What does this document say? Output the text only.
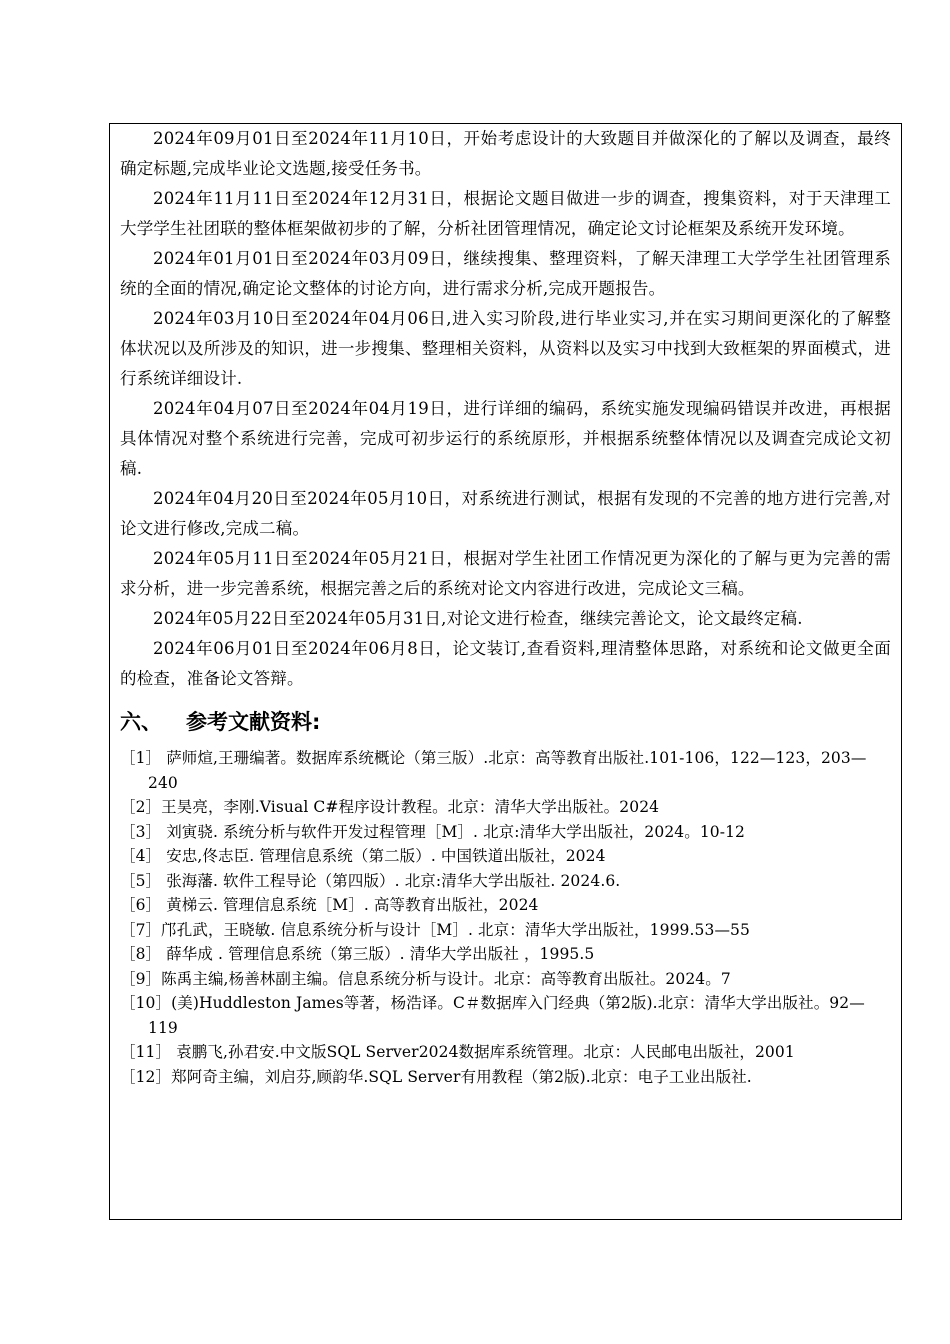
2024年09月01日至2024年11月10日，开始考虑设计的大致题目并做深化的了解以及调查，最终确定标题,完成毕业论文选题,接受任务书。

2024年11月11日至2024年12月31日，根据论文题目做进一步的调查，搜集资料，对于天津理工大学学生社团联的整体框架做初步的了解，分析社团管理情况，确定论文讨论框架及系统开发环境。

2024年01月01日至2024年03月09日，继续搜集、整理资料，了解天津理工大学学生社团管理系统的全面的情况,确定论文整体的讨论方向，进行需求分析,完成开题报告。

2024年03月10日至2024年04月06日,进入实习阶段,进行毕业实习,并在实习期间更深化的了解整体状况以及所涉及的知识，进一步搜集、整理相关资料，从资料以及实习中找到大致框架的界面模式，进行系统详细设计.

2024年04月07日至2024年04月19日，进行详细的编码，系统实施发现编码错误并改进，再根据具体情况对整个系统进行完善，完成可初步运行的系统原形，并根据系统整体情况以及调查完成论文初稿.

2024年04月20日至2024年05月10日，对系统进行测试，根据有发现的不完善的地方进行完善,对论文进行修改,完成二稿。

2024年05月11日至2024年05月21日，根据对学生社团工作情况更为深化的了解与更为完善的需求分析，进一步完善系统，根据完善之后的系统对论文内容进行改进，完成论文三稿。

2024年05月22日至2024年05月31日,对论文进行检查，继续完善论文，论文最终定稿.

2024年06月01日至2024年06月8日，论文装订,查看资料,理清整体思路，对系统和论文做更全面的检查，准备论文答辩。

六、 参考文献资料:

［1］ 萨师煊,王珊编著。数据库系统概论（第三版）.北京：高等教育出版社.101-106，122—123，203—240

［2］王昊亮，李刚.Visual C#程序设计教程。北京：清华大学出版社。2024

［3］ 刘寅骁. 系统分析与软件开发过程管理［M］. 北京:清华大学出版社，2024。10-12

［4］ 安忠,佟志臣. 管理信息系统（第二版）. 中国铁道出版社，2024

［5］ 张海藩. 软件工程导论（第四版）. 北京:清华大学出版社. 2024.6.

［6］ 黄梯云. 管理信息系统［M］. 高等教育出版社，2024

［7］邝孔武，王晓敏. 信息系统分析与设计［M］. 北京：清华大学出版社，1999.53—55

［8］ 薛华成 . 管理信息系统（第三版）. 清华大学出版社 ，1995.5

［9］陈禹主编,杨善林副主编。信息系统分析与设计。北京：高等教育出版社。2024。7

［10］(美)Huddleston James等著，杨浩译。C＃数据库入门经典（第2版).北京：清华大学出版社。92—119

［11］ 袁鹏飞,孙君安.中文版SQL Server2024数据库系统管理。北京：人民邮电出版社，2001

［12］郑阿奇主编，刘启芬,顾韵华.SQL Server有用教程（第2版).北京：电子工业出版社.
